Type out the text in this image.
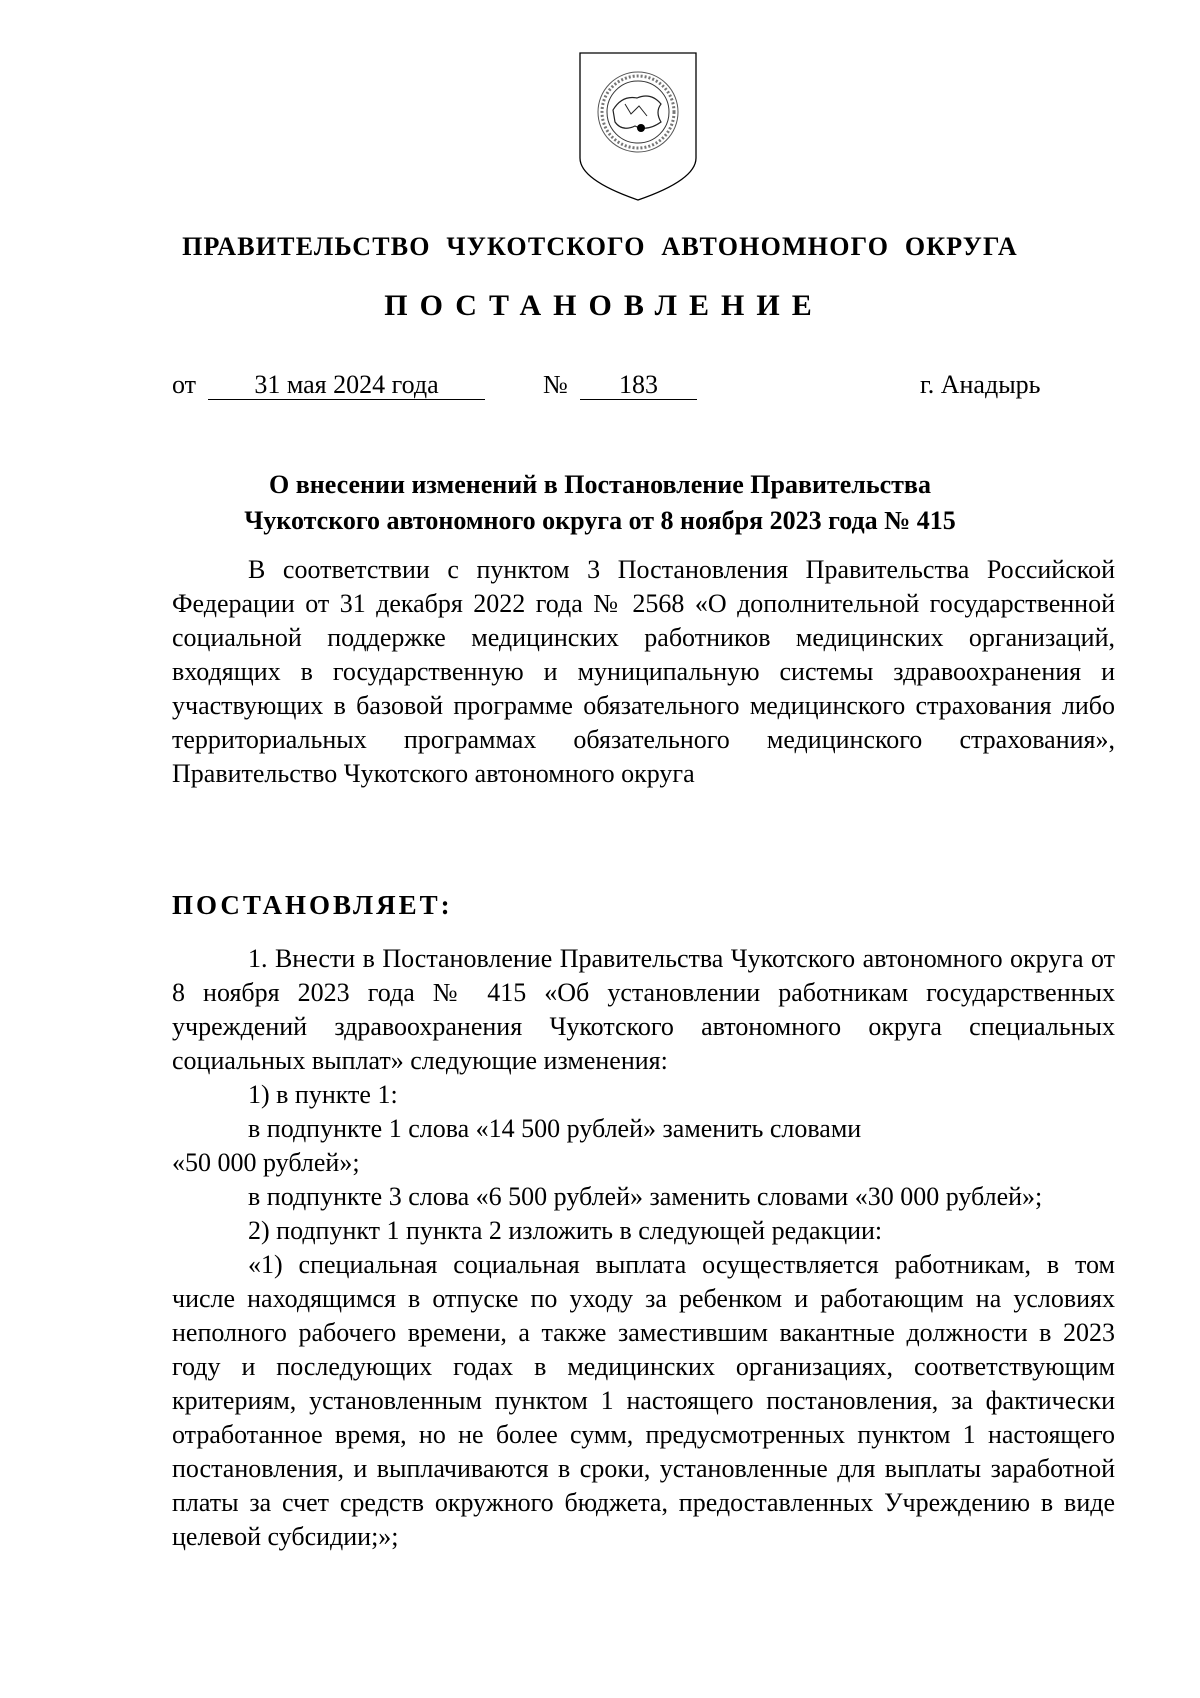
ПРАВИТЕЛЬСТВО ЧУКОТСКОГО АВТОНОМНОГО ОКРУГА
ПОСТАНОВЛЕНИЕ
от	31 мая 2024 года	№	183	г. Анадырь
О внесении изменений в Постановление Правительства
Чукотского автономного округа от 8 ноября 2023 года № 415

В соответствии с пунктом 3 Постановления Правительства Российской Федерации от 31 декабря 2022 года № 2568 «О дополнительной государственной социальной поддержке медицинских работников медицинских организаций, входящих в государственную и муниципальную системы здравоохранения и участвующих в базовой программе обязательного медицинского страхования либо территориальных программах обязательного медицинского страхования», Правительство Чукотского автономного округа

ПОСТАНОВЛЯЕТ:

1. Внести в Постановление Правительства Чукотского автономного округа от 8 ноября 2023 года № 415 «Об установлении работникам государственных учреждений здравоохранения Чукотского автономного округа специальных социальных выплат» следующие изменения:

1) в пункте 1:

в подпункте 1 слова «14 500 рублей» заменить словами

«50 000 рублей»;

в подпункте 3 слова «6 500 рублей» заменить словами «30 000 рублей»;

2) подпункт 1 пункта 2 изложить в следующей редакции:

«1) специальная социальная выплата осуществляется работникам, в том числе находящимся в отпуске по уходу за ребенком и работающим на условиях неполного рабочего времени, а также заместившим вакантные должности в 2023 году и последующих годах в медицинских организациях, соответствующим критериям, установленным пунктом 1 настоящего постановления, за фактически отработанное время, но не более сумм, предусмотренных пунктом 1 настоящего постановления, и выплачиваются в сроки, установленные для выплаты заработной платы за счет средств окружного бюджета, предоставленных Учреждению в виде целевой субсидии;»;
